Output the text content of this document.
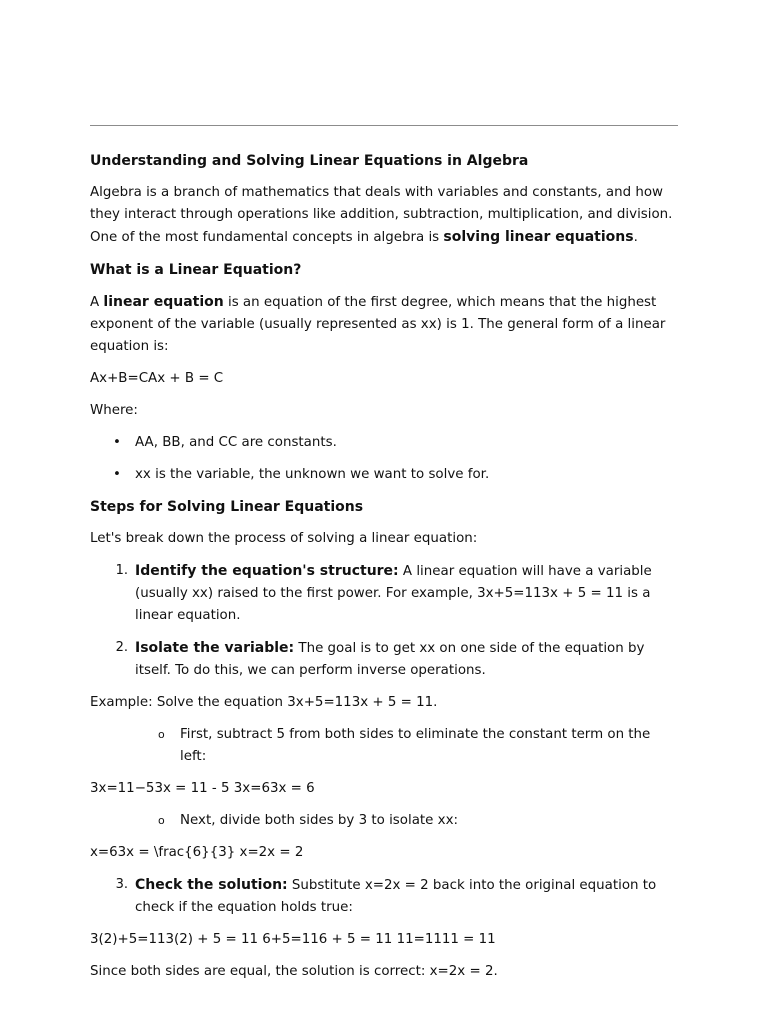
Understanding and Solving Linear Equations in Algebra

Algebra is a branch of mathematics that deals with variables and constants, and how they interact through operations like addition, subtraction, multiplication, and division. One of the most fundamental concepts in algebra is solving linear equations.

What is a Linear Equation?

A linear equation is an equation of the first degree, which means that the highest exponent of the variable (usually represented as xx) is 1. The general form of a linear equation is:

Ax+B=CAx + B = C

Where:

• AA, BB, and CC are constants.
• xx is the variable, the unknown we want to solve for.

Steps for Solving Linear Equations

Let's break down the process of solving a linear equation:

1. Identify the equation's structure: A linear equation will have a variable (usually xx) raised to the first power. For example, 3x+5=113x + 5 = 11 is a linear equation.
2. Isolate the variable: The goal is to get xx on one side of the equation by itself. To do this, we can perform inverse operations.

Example: Solve the equation 3x+5=113x + 5 = 11.

o First, subtract 5 from both sides to eliminate the constant term on the left:

3x=11−53x = 11 - 5 3x=63x = 6

o Next, divide both sides by 3 to isolate xx:

x=63x = \frac{6}{3} x=2x = 2

3. Check the solution: Substitute x=2x = 2 back into the original equation to check if the equation holds true:

3(2)+5=113(2) + 5 = 11 6+5=116 + 5 = 11 11=1111 = 11

Since both sides are equal, the solution is correct: x=2x = 2.
